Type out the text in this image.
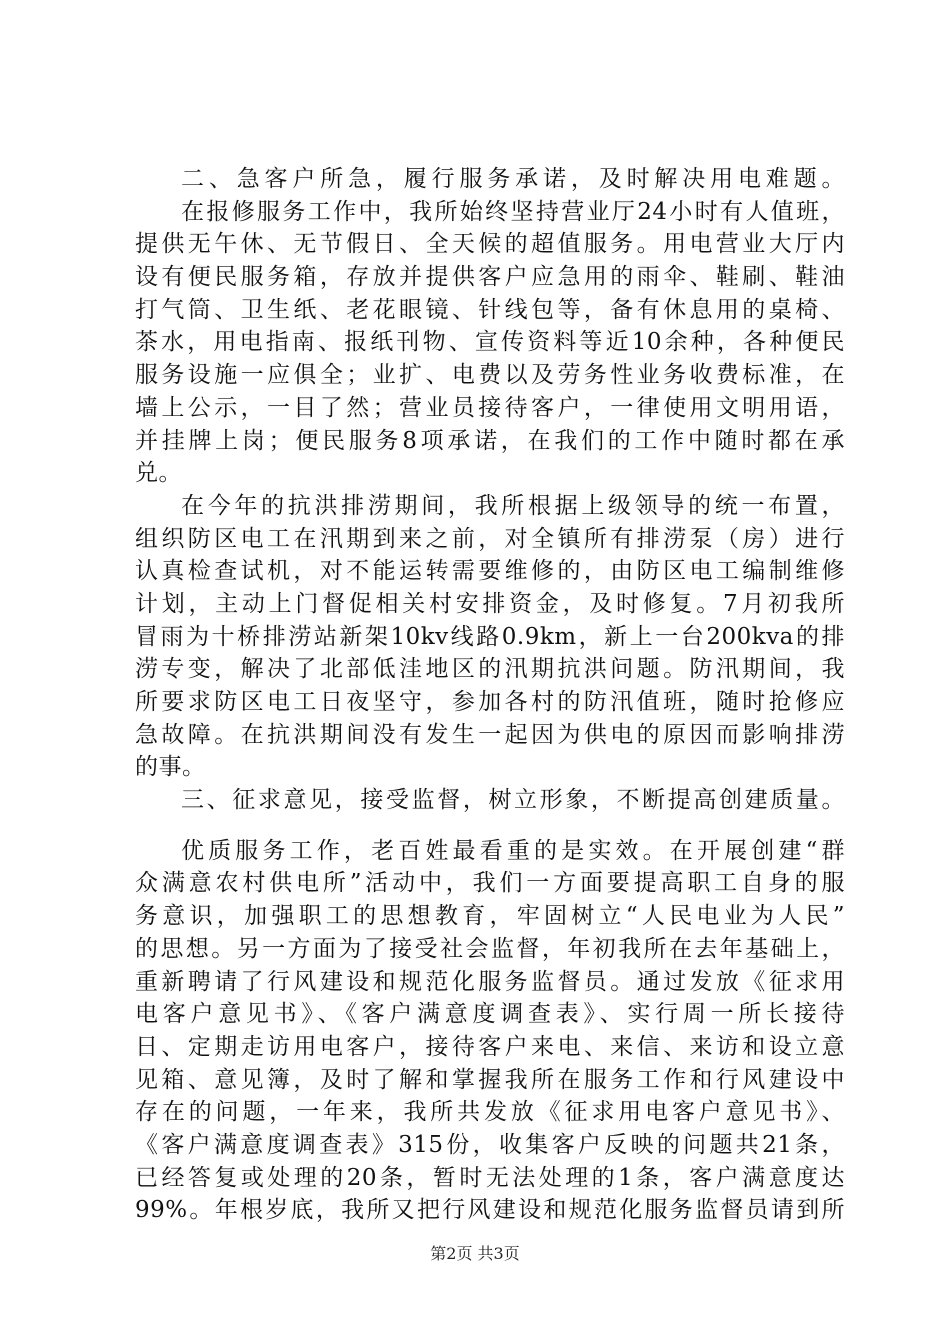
二、急客户所急，履行服务承诺，及时解决用电难题。
在报修服务工作中，我所始终坚持营业厅24小时有人值班，
提供无午休、无节假日、全天候的超值服务。用电营业大厅内
设有便民服务箱，存放并提供客户应急用的雨伞、鞋刷、鞋油
打气筒、卫生纸、老花眼镜、针线包等，备有休息用的桌椅、
茶水，用电指南、报纸刊物、宣传资料等近10余种，各种便民
服务设施一应俱全；业扩、电费以及劳务性业务收费标准，在
墙上公示，一目了然；营业员接待客户，一律使用文明用语，
并挂牌上岗；便民服务8项承诺，在我们的工作中随时都在承
兑。
在今年的抗洪排涝期间，我所根据上级领导的统一布置，
组织防区电工在汛期到来之前，对全镇所有排涝泵（房）进行
认真检查试机，对不能运转需要维修的，由防区电工编制维修
计划，主动上门督促相关村安排资金，及时修复。7月初我所
冒雨为十桥排涝站新架10kv线路0.9km，新上一台200kva的排
涝专变，解决了北部低洼地区的汛期抗洪问题。防汛期间，我
所要求防区电工日夜坚守，参加各村的防汛值班，随时抢修应
急故障。在抗洪期间没有发生一起因为供电的原因而影响排涝
的事。
三、征求意见，接受监督，树立形象，不断提高创建质量。
优质服务工作，老百姓最看重的是实效。在开展创建“群
众满意农村供电所”活动中，我们一方面要提高职工自身的服
务意识，加强职工的思想教育，牢固树立“人民电业为人民”
的思想。另一方面为了接受社会监督，年初我所在去年基础上，
重新聘请了行风建设和规范化服务监督员。通过发放《征求用
电客户意见书》、《客户满意度调查表》、实行周一所长接待
日、定期走访用电客户，接待客户来电、来信、来访和设立意
见箱、意见簿，及时了解和掌握我所在服务工作和行风建设中
存在的问题，一年来，我所共发放《征求用电客户意见书》、
《客户满意度调查表》315份，收集客户反映的问题共21条，
已经答复或处理的20条，暂时无法处理的1条，客户满意度达
99%。年根岁底，我所又把行风建设和规范化服务监督员请到所
第2页 共3页
